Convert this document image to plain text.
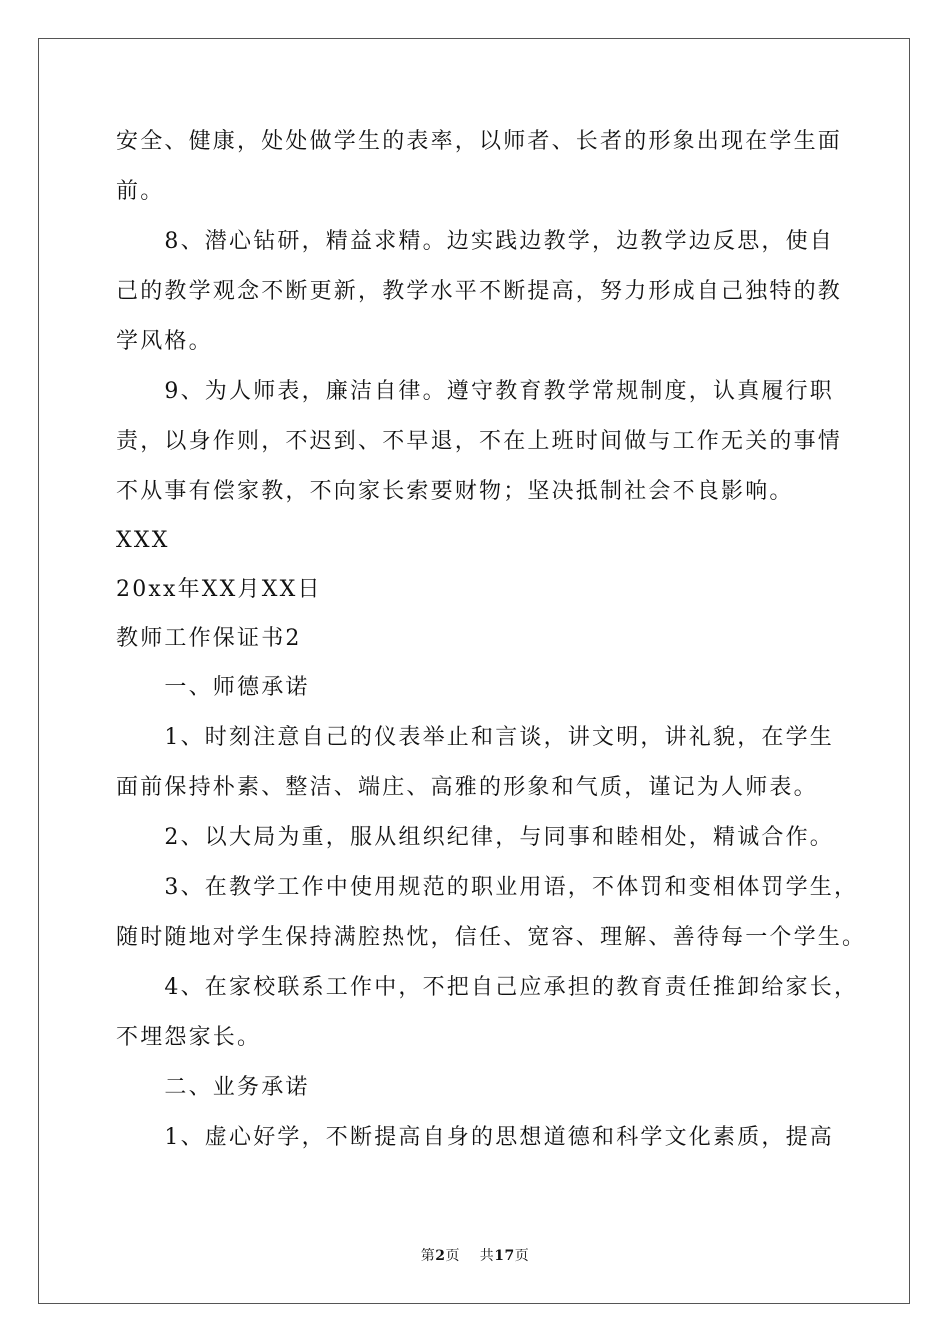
安全、健康，处处做学生的表率，以师者、长者的形象出现在学生面
前。
　　8、潜心钻研，精益求精。边实践边教学，边教学边反思，使自
己的教学观念不断更新，教学水平不断提高，努力形成自己独特的教
学风格。
　　9、为人师表，廉洁自律。遵守教育教学常规制度，认真履行职
责，以身作则，不迟到、不早退，不在上班时间做与工作无关的事情
不从事有偿家教，不向家长索要财物；坚决抵制社会不良影响。
XXX
20xx年XX月XX日
教师工作保证书2
　　一、师德承诺
　　1、时刻注意自己的仪表举止和言谈，讲文明，讲礼貌，在学生
面前保持朴素、整洁、端庄、高雅的形象和气质，谨记为人师表。
　　2、以大局为重，服从组织纪律，与同事和睦相处，精诚合作。
　　3、在教学工作中使用规范的职业用语，不体罚和变相体罚学生，
随时随地对学生保持满腔热忱，信任、宽容、理解、善待每一个学生。
　　4、在家校联系工作中，不把自己应承担的教育责任推卸给家长，
不埋怨家长。
　　二、业务承诺
　　1、虚心好学，不断提高自身的思想道德和科学文化素质，提高
第2页 共17页
